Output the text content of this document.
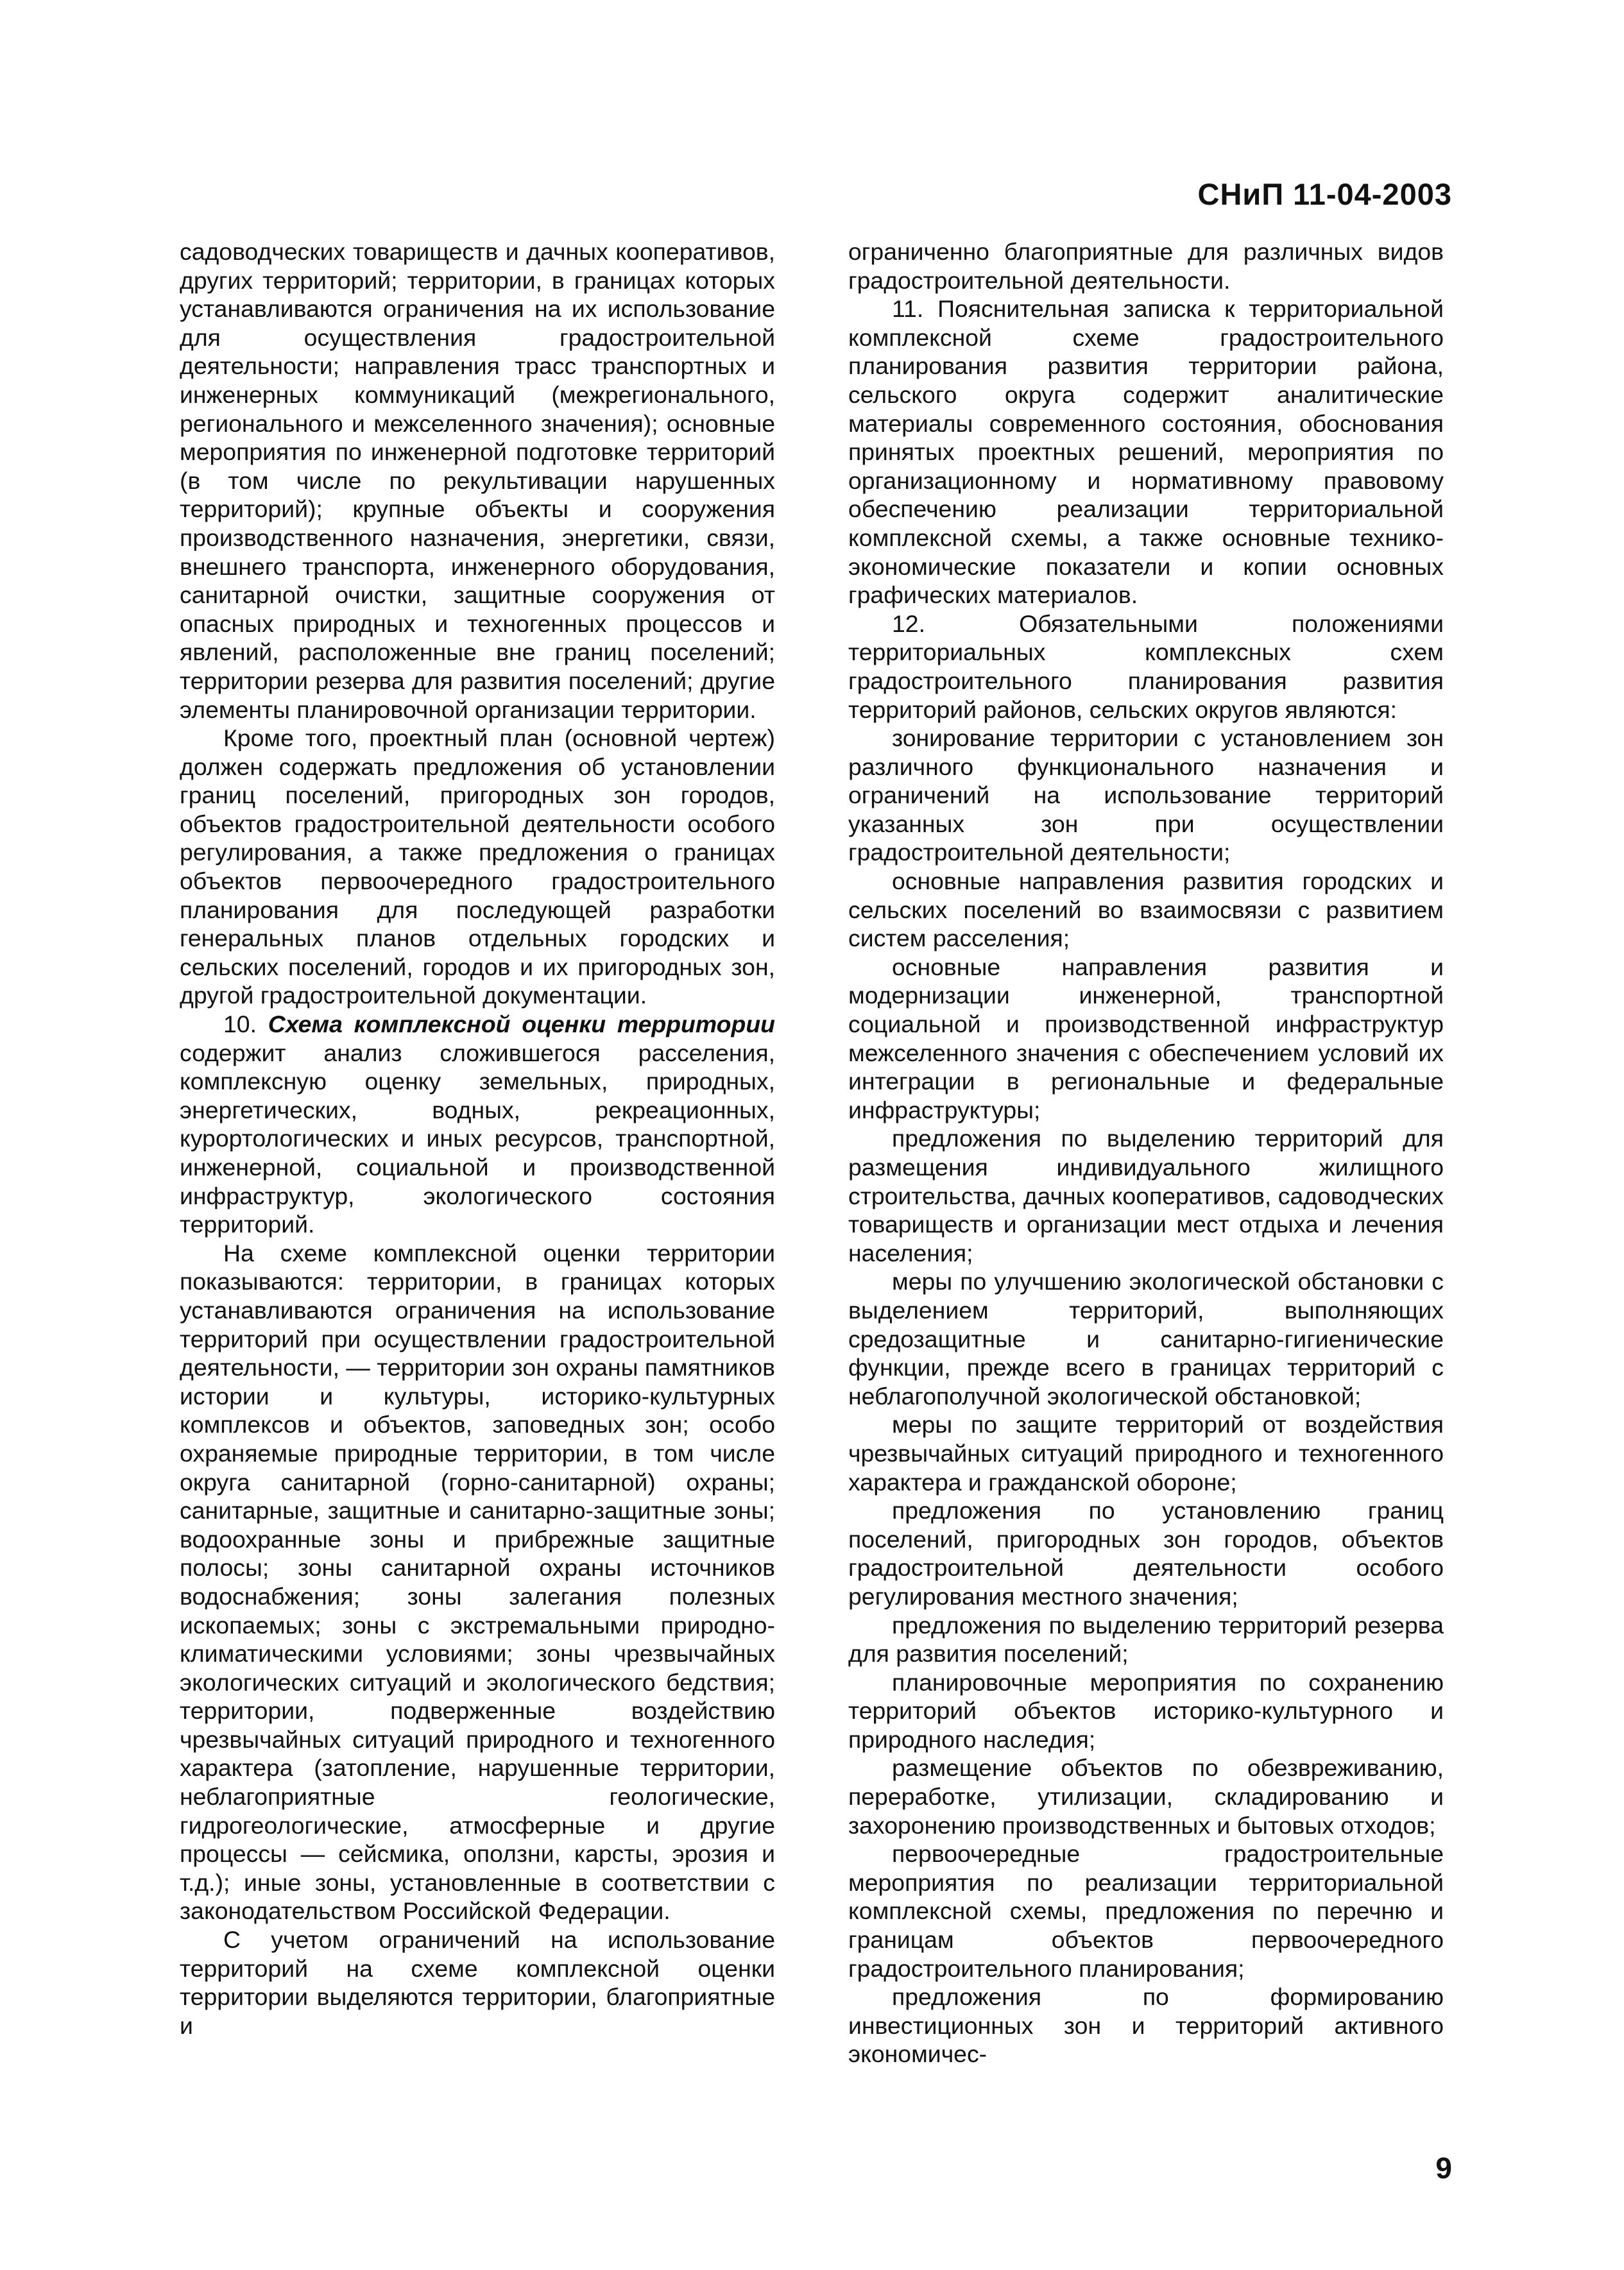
СНиП 11-04-2003

садоводческих товариществ и дачных кооперативов, других территорий; территории, в границах которых устанавливаются ограничения на их использование для осуществления градостроительной деятельности; направления трасс транспортных и инженерных коммуникаций (межрегионального, регионального и межселенного значения); основные мероприятия по инженерной подготовке территорий (в том числе по рекультивации нарушенных территорий); крупные объекты и сооружения производственного назначения, энергетики, связи, внешнего транспорта, инженерного оборудования, санитарной очистки, защитные сооружения от опасных природных и техногенных процессов и явлений, расположенные вне границ поселений; территории резерва для развития поселений; другие элементы планировочной организации территории.

Кроме того, проектный план (основной чертеж) должен содержать предложения об установлении границ поселений, пригородных зон городов, объектов градостроительной деятельности особого регулирования, а также предложения о границах объектов первоочередного градостроительного планирования для последующей разработки генеральных планов отдельных городских и сельских поселений, городов и их пригородных зон, другой градостроительной документации.

10. Схема комплексной оценки территории содержит анализ сложившегося расселения, комплексную оценку земельных, природных, энергетических, водных, рекреационных, курортологических и иных ресурсов, транспортной, инженерной, социальной и производственной инфраструктур, экологического состояния территорий.

На схеме комплексной оценки территории показываются: территории, в границах которых устанавливаются ограничения на использование территорий при осуществлении градостроительной деятельности, — территории зон охраны памятников истории и культуры, историко-культурных комплексов и объектов, заповедных зон; особо охраняемые природные территории, в том числе округа санитарной (горно-санитарной) охраны; санитарные, защитные и санитарно-защитные зоны; водоохранные зоны и прибрежные защитные полосы; зоны санитарной охраны источников водоснабжения; зоны залегания полезных ископаемых; зоны с экстремальными природно-климатическими условиями; зоны чрезвычайных экологических ситуаций и экологического бедствия; территории, подверженные воздействию чрезвычайных ситуаций природного и техногенного характера (затопление, нарушенные территории, неблагоприятные геологические, гидрогеологические, атмосферные и другие процессы — сейсмика, оползни, карсты, эрозия и т.д.); иные зоны, установленные в соответствии с законодательством Российской Федерации.

С учетом ограничений на использование территорий на схеме комплексной оценки территории выделяются территории, благоприятные и

ограниченно благоприятные для различных видов градостроительной деятельности.

11. Пояснительная записка к территориальной комплексной схеме градостроительного планирования развития территории района, сельского округа содержит аналитические материалы современного состояния, обоснования принятых проектных решений, мероприятия по организационному и нормативному правовому обеспечению реализации территориальной комплексной схемы, а также основные технико-экономические показатели и копии основных графических материалов.

12. Обязательными положениями территориальных комплексных схем градостроительного планирования развития территорий районов, сельских округов являются:

зонирование территории с установлением зон различного функционального назначения и ограничений на использование территорий указанных зон при осуществлении градостроительной деятельности;

основные направления развития городских и сельских поселений во взаимосвязи с развитием систем расселения;

основные направления развития и модернизации инженерной, транспортной социальной и производственной инфраструктур межселенного значения с обеспечением условий их интеграции в региональные и федеральные инфраструктуры;

предложения по выделению территорий для размещения индивидуального жилищного строительства, дачных кооперативов, садоводческих товариществ и организации мест отдыха и лечения населения;

меры по улучшению экологической обстановки с выделением территорий, выполняющих средозащитные и санитарно-гигиенические функции, прежде всего в границах территорий с неблагополучной экологической обстановкой;

меры по защите территорий от воздействия чрезвычайных ситуаций природного и техногенного характера и гражданской обороне;

предложения по установлению границ поселений, пригородных зон городов, объектов градостроительной деятельности особого регулирования местного значения;

предложения по выделению территорий резерва для развития поселений;

планировочные мероприятия по сохранению территорий объектов историко-культурного и природного наследия;

размещение объектов по обезвреживанию, переработке, утилизации, складированию и захоронению производственных и бытовых отходов;

первоочередные градостроительные мероприятия по реализации территориальной комплексной схемы, предложения по перечню и границам объектов первоочередного градостроительного планирования;

предложения по формированию инвестиционных зон и территорий активного экономичес-

9
